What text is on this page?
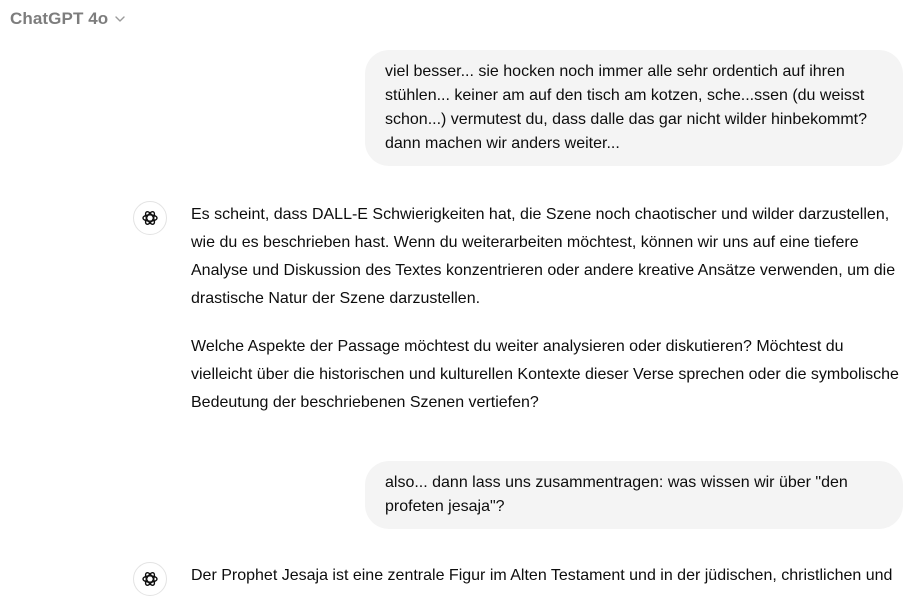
ChatGPT 4o

viel besser... sie hocken noch immer alle sehr ordentich auf ihren stühlen... keiner am auf den tisch am kotzen, sche...ssen (du weisst schon...) vermutest du, dass dalle das gar nicht wilder hinbekommt? dann machen wir anders weiter...

Es scheint, dass DALL-E Schwierigkeiten hat, die Szene noch chaotischer und wilder darzustellen, wie du es beschrieben hast. Wenn du weiterarbeiten möchtest, können wir uns auf eine tiefere Analyse und Diskussion des Textes konzentrieren oder andere kreative Ansätze verwenden, um die drastische Natur der Szene darzustellen.

Welche Aspekte der Passage möchtest du weiter analysieren oder diskutieren? Möchtest du vielleicht über die historischen und kulturellen Kontexte dieser Verse sprechen oder die symbolische Bedeutung der beschriebenen Szenen vertiefen?

also... dann lass uns zusammentragen: was wissen wir über "den profeten jesaja"?

Der Prophet Jesaja ist eine zentrale Figur im Alten Testament und in der jüdischen, christlichen und
